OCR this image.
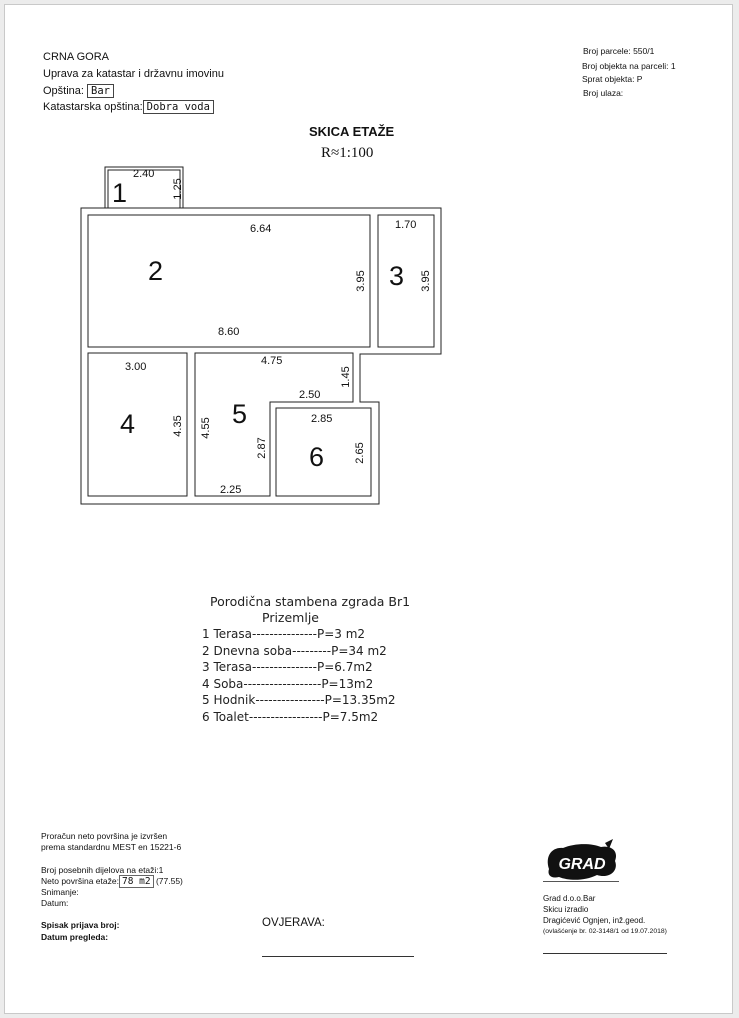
CRNA GORA
Uprava za katastar i državnu imovinu
Opština: Bar
Katastarska opština: Dobra voda
Broj parcele: 550/1
Broj objekta na parceli: 1
Sprat objekta: P
Broj ulaza:
SKICA ETAŽE
R≈1:100
1
2.40
1.25
2
6.64
3.95
8.60
3
1.70
3.95
4
3.00
4.35 5
4.75
1.45
2.50
4.55
2.87
2.25
6
2.85
2.65
Porodična stambena zgrada Br1
Prizemlje
1 Terasa---------------P=3 m2
2 Dnevna soba---------P=34 m2
3 Terasa---------------P=6.7m2
4 Soba------------------P=13m2
5 Hodnik----------------P=13.35m2
6 Toalet-----------------P=7.5m2
Proračun neto površina je izvršen
prema standardnu MEST en 15221-6
Broj posebnih dijelova na etaži:1
Neto površina etaže: 78 m2 (77.55)
Snimanje:
Datum:
Spisak prijava broj:
Datum pregleda:
OVJERAVA:
GRAD
Grad d.o.o.Bar
Skicu izradio
Dragićević Ognjen, inž.geod.
(ovlašćenje br. 02-3148/1 od 19.07.2018)
